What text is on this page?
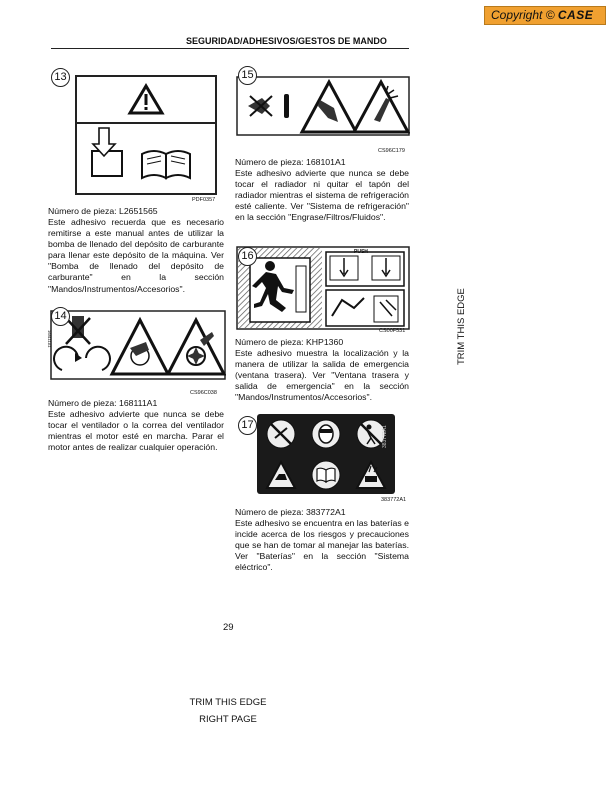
Copyright © CASE
SEGURIDAD/ADHESIVOS/GESTOS DE MANDO
13
PDF0357
Número de pieza: L2651565
Este adhesivo recuerda que es necesario remitirse a este manual antes de utilizar la bomba de llenado del depósito de carburante para llenar este depósito de la máquina. Ver "Bomba de llenado del depósito de carburante" en la sección "Mandos/Instrumentos/Accesorios".
168111A1
14
CS96C038
Número de pieza: 168111A1
Este adhesivo advierte que nunca se debe tocar el ventilador o la correa del ventilador mientras el motor esté en marcha. Parar el motor antes de realizar cualquier operación.
15
CS96C179
Número de pieza: 168101A1
Este adhesivo advierte que nunca se debe tocar el radiador ni quitar el tapón del radiador mientras el sistema de refrigeración esté caliente. Ver "Sistema de refrigeración" en la sección "Engrase/Filtros/Fluidos".
PUSH
16
CS00F531
Número de pieza: KHP1360
Este adhesivo muestra la localización y la manera de utilizar la salida de emergencia (ventana trasera). Ver "Ventana trasera y salida de emergencia" en la sección "Mandos/Instrumentos/Accesorios".
383772A1
17
383772A1
Número de pieza: 383772A1
Este adhesivo se encuentra en las baterías e incide acerca de los riesgos y precauciones que se han de tomar al manejar las baterías. Ver "Baterías" en la sección "Sistema eléctrico".
29
TRIM THIS EDGE
TRIM THIS EDGE
RIGHT PAGE
